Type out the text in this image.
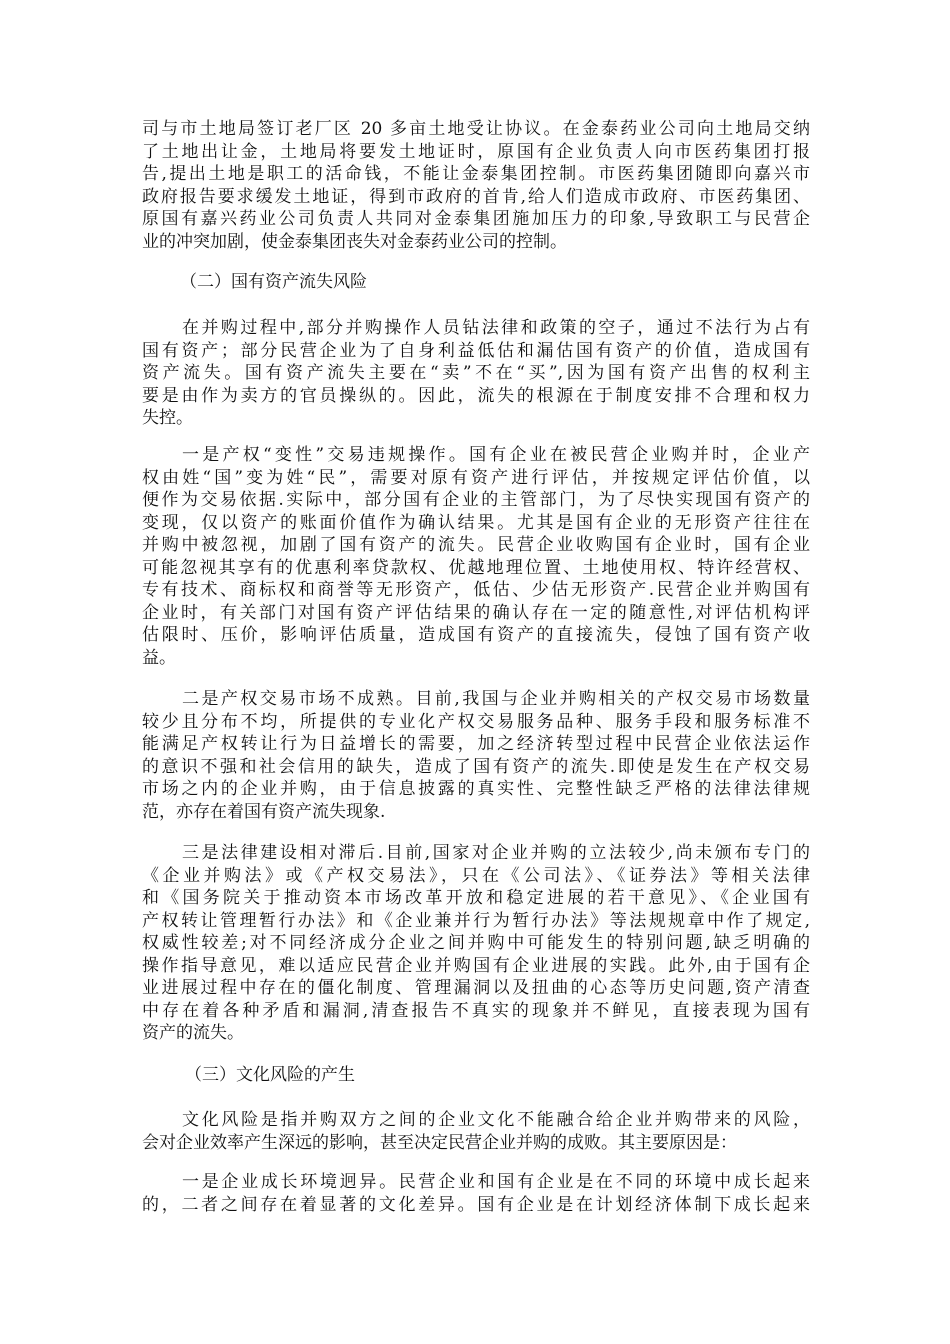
司与市土地局签订老厂区 20 多亩土地受让协议。在金泰药业公司向土地局交纳
了土地出让金，土地局将要发土地证时，原国有企业负责人向市医药集团打报
告,提出土地是职工的活命钱，不能让金泰集团控制。市医药集团随即向嘉兴市
政府报告要求缓发土地证，得到市政府的首肯,给人们造成市政府、市医药集团、
原国有嘉兴药业公司负责人共同对金泰集团施加压力的印象,导致职工与民营企
业的冲突加剧，使金泰集团丧失对金泰药业公司的控制。
（二）国有资产流失风险
在并购过程中,部分并购操作人员钻法律和政策的空子，通过不法行为占有
国有资产；部分民营企业为了自身利益低估和漏估国有资产的价值，造成国有
资产流失。国有资产流失主要在“卖”不在“买”,因为国有资产出售的权利主
要是由作为卖方的官员操纵的。因此，流失的根源在于制度安排不合理和权力
失控。
一是产权“变性”交易违规操作。国有企业在被民营企业购并时，企业产
权由姓“国”变为姓“民”，需要对原有资产进行评估，并按规定评估价值，以
便作为交易依据.实际中，部分国有企业的主管部门，为了尽快实现国有资产的
变现，仅以资产的账面价值作为确认结果。尤其是国有企业的无形资产往往在
并购中被忽视，加剧了国有资产的流失。民营企业收购国有企业时，国有企业
可能忽视其享有的优惠利率贷款权、优越地理位置、土地使用权、特许经营权、
专有技术、商标权和商誉等无形资产，低估、少估无形资产.民营企业并购国有
企业时，有关部门对国有资产评估结果的确认存在一定的随意性,对评估机构评
估限时、压价，影响评估质量，造成国有资产的直接流失，侵蚀了国有资产收
益。
二是产权交易市场不成熟。目前,我国与企业并购相关的产权交易市场数量
较少且分布不均，所提供的专业化产权交易服务品种、服务手段和服务标准不
能满足产权转让行为日益增长的需要，加之经济转型过程中民营企业依法运作
的意识不强和社会信用的缺失，造成了国有资产的流失.即使是发生在产权交易
市场之内的企业并购，由于信息披露的真实性、完整性缺乏严格的法律法律规
范，亦存在着国有资产流失现象.
三是法律建设相对滞后.目前,国家对企业并购的立法较少,尚未颁布专门的
《企业并购法》或《产权交易法》，只在《公司法》、《证券法》等相关法律
和《国务院关于推动资本市场改革开放和稳定进展的若干意见》、《企业国有
产权转让管理暂行办法》和《企业兼并行为暂行办法》等法规规章中作了规定,
权威性较差;对不同经济成分企业之间并购中可能发生的特别问题,缺乏明确的
操作指导意见，难以适应民营企业并购国有企业进展的实践。此外,由于国有企
业进展过程中存在的僵化制度、管理漏洞以及扭曲的心态等历史问题,资产清查
中存在着各种矛盾和漏洞,清查报告不真实的现象并不鲜见，直接表现为国有
资产的流失。
（三）文化风险的产生
文化风险是指并购双方之间的企业文化不能融合给企业并购带来的风险，
会对企业效率产生深远的影响，甚至决定民营企业并购的成败。其主要原因是：
一是企业成长环境迥异。民营企业和国有企业是在不同的环境中成长起来
的，二者之间存在着显著的文化差异。国有企业是在计划经济体制下成长起来
